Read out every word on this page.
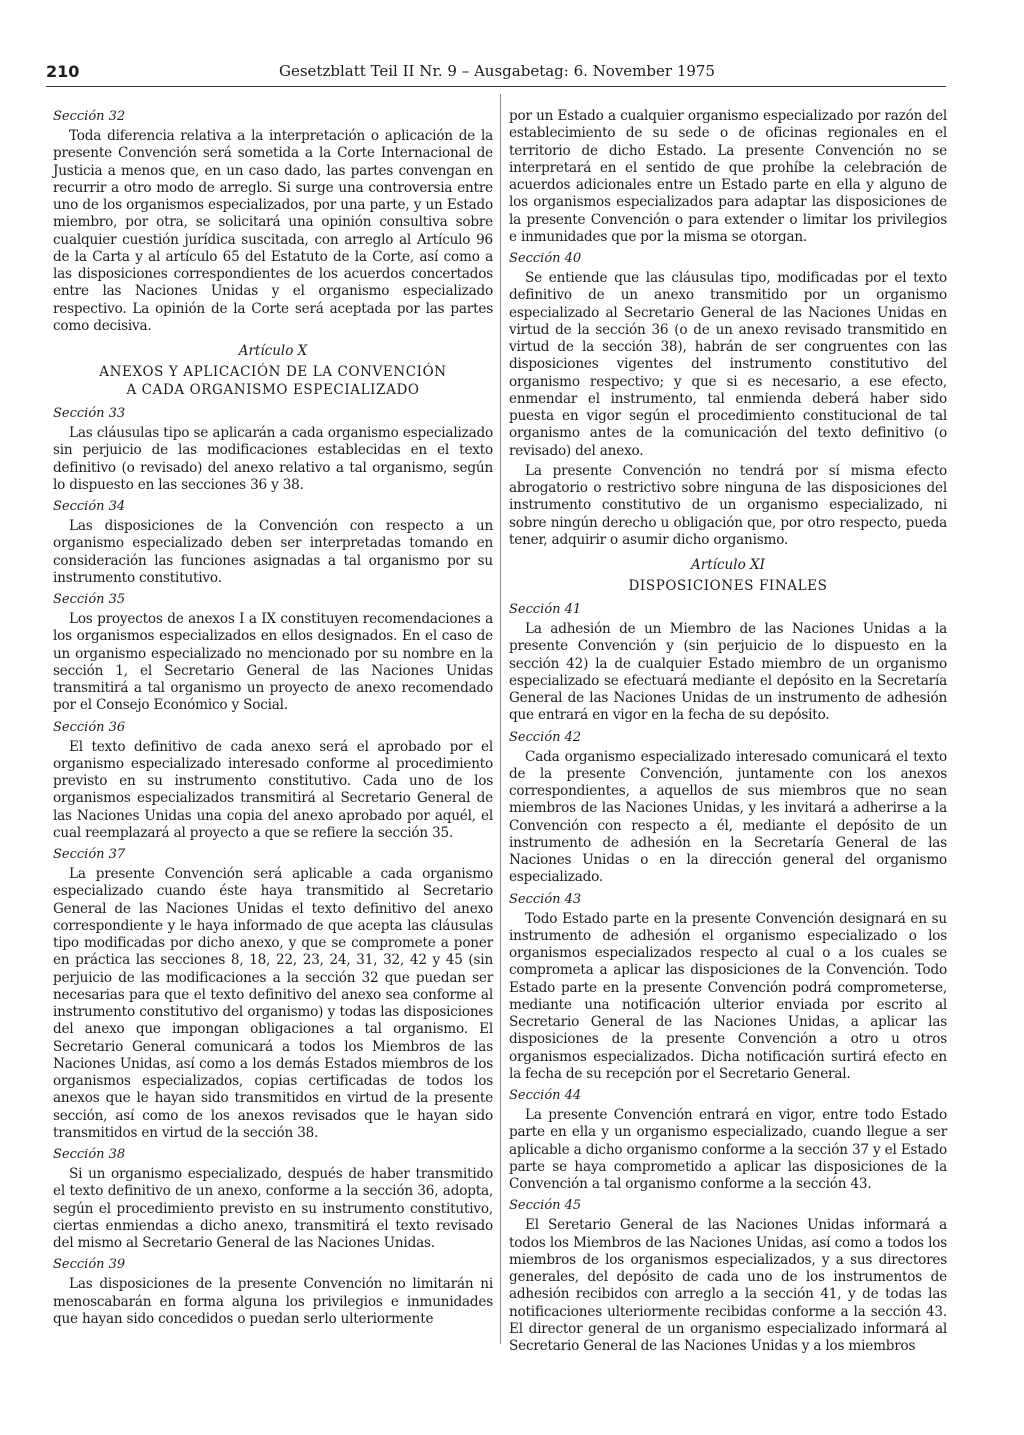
210	Gesetzblatt Teil II Nr. 9 – Ausgabetag: 6. November 1975
Sección 32

Toda diferencia relativa a la interpretación o aplicación de la presente Convención será sometida a la Corte Internacional de Justicia a menos que, en un caso dado, las partes convengan en recurrir a otro modo de arreglo. Si surge una controversia entre uno de los organismos especializados, por una parte, y un Estado miembro, por otra, se solicitará una opinión consultiva sobre cualquier cuestión jurídica suscitada, con arreglo al Artículo 96 de la Carta y al artículo 65 del Estatuto de la Corte, así como a las disposiciones correspondientes de los acuerdos concertados entre las Naciones Unidas y el organismo especializado respectivo. La opinión de la Corte será aceptada por las partes como decisiva.

Artículo X
ANEXOS Y APLICACIÓN DE LA CONVENCIÓN
A CADA ORGANISMO ESPECIALIZADO
Sección 33

Las cláusulas tipo se aplicarán a cada organismo especializado sin perjuicio de las modificaciones establecidas en el texto definitivo (o revisado) del anexo relativo a tal organismo, según lo dispuesto en las secciones 36 y 38.

Sección 34

Las disposiciones de la Convención con respecto a un organismo especializado deben ser interpretadas tomando en consideración las funciones asignadas a tal organismo por su instrumento constitutivo.

Sección 35

Los proyectos de anexos I a IX constituyen recomendaciones a los organismos especializados en ellos designados. En el caso de un organismo especializado no mencionado por su nombre en la sección 1, el Secretario General de las Naciones Unidas transmitirá a tal organismo un proyecto de anexo recomendado por el Consejo Económico y Social.

Sección 36

El texto definitivo de cada anexo será el aprobado por el organismo especializado interesado conforme al procedimiento previsto en su instrumento constitutivo. Cada uno de los organismos especializados transmitirá al Secretario General de las Naciones Unidas una copia del anexo aprobado por aquél, el cual reemplazará al proyecto a que se refiere la sección 35.

Sección 37

La presente Convención será aplicable a cada organismo especializado cuando éste haya transmitido al Secretario General de las Naciones Unidas el texto definitivo del anexo correspondiente y le haya informado de que acepta las cláusulas tipo modificadas por dicho anexo, y que se compromete a poner en práctica las secciones 8, 18, 22, 23, 24, 31, 32, 42 y 45 (sin perjuicio de las modificaciones a la sección 32 que puedan ser necesarias para que el texto definitivo del anexo sea conforme al instrumento constitutivo del organismo) y todas las disposiciones del anexo que impongan obligaciones a tal organismo. El Secretario General comunicará a todos los Miembros de las Naciones Unidas, así como a los demás Estados miembros de los organismos especializados, copias certificadas de todos los anexos que le hayan sido transmitidos en virtud de la presente sección, así como de los anexos revisados que le hayan sido transmitidos en virtud de la sección 38.

Sección 38

Si un organismo especializado, después de haber transmitido el texto definitivo de un anexo, conforme a la sección 36, adopta, según el procedimiento previsto en su instrumento constitutivo, ciertas enmiendas a dicho anexo, transmitirá el texto revisado del mismo al Secretario General de las Naciones Unidas.

Sección 39

Las disposiciones de la presente Convención no limitarán ni menoscabarán en forma alguna los privilegios e inmunidades que hayan sido concedidos o puedan serlo ulteriormente

por un Estado a cualquier organismo especializado por razón del establecimiento de su sede o de oficinas regionales en el territorio de dicho Estado. La presente Convención no se interpretará en el sentido de que prohíbe la celebración de acuerdos adicionales entre un Estado parte en ella y alguno de los organismos especializados para adaptar las disposiciones de la presente Convención o para extender o limitar los privilegios e inmunidades que por la misma se otorgan.

Sección 40

Se entiende que las cláusulas tipo, modificadas por el texto definitivo de un anexo transmitido por un organismo especializado al Secretario General de las Naciones Unidas en virtud de la sección 36 (o de un anexo revisado transmitido en virtud de la sección 38), habrán de ser congruentes con las disposiciones vigentes del instrumento constitutivo del organismo respectivo; y que si es necesario, a ese efecto, enmendar el instrumento, tal enmienda deberá haber sido puesta en vigor según el procedimiento constitucional de tal organismo antes de la comunicación del texto definitivo (o revisado) del anexo.

La presente Convención no tendrá por sí misma efecto abrogatorio o restrictivo sobre ninguna de las disposiciones del instrumento constitutivo de un organismo especializado, ni sobre ningún derecho u obligación que, por otro respecto, pueda tener, adquirir o asumir dicho organismo.

Artículo XI
DISPOSICIONES FINALES
Sección 41

La adhesión de un Miembro de las Naciones Unidas a la presente Convención y (sin perjuicio de lo dispuesto en la sección 42) la de cualquier Estado miembro de un organismo especializado se efectuará mediante el depósito en la Secretaría General de las Naciones Unidas de un instrumento de adhesión que entrará en vigor en la fecha de su depósito.

Sección 42

Cada organismo especializado interesado comunicará el texto de la presente Convención, juntamente con los anexos correspondientes, a aquellos de sus miembros que no sean miembros de las Naciones Unidas, y les invitará a adherirse a la Convención con respecto a él, mediante el depósito de un instrumento de adhesión en la Secretaría General de las Naciones Unidas o en la dirección general del organismo especializado.

Sección 43

Todo Estado parte en la presente Convención designará en su instrumento de adhesión el organismo especializado o los organismos especializados respecto al cual o a los cuales se comprometa a aplicar las disposiciones de la Convención. Todo Estado parte en la presente Convención podrá comprometerse, mediante una notificación ulterior enviada por escrito al Secretario General de las Naciones Unidas, a aplicar las disposiciones de la presente Convención a otro u otros organismos especializados. Dicha notificación surtirá efecto en la fecha de su recepción por el Secretario General.

Sección 44

La presente Convención entrará en vigor, entre todo Estado parte en ella y un organismo especializado, cuando llegue a ser aplicable a dicho organismo conforme a la sección 37 y el Estado parte se haya comprometido a aplicar las disposiciones de la Convención a tal organismo conforme a la sección 43.

Sección 45

El Seretario General de las Naciones Unidas informará a todos los Miembros de las Naciones Unidas, así como a todos los miembros de los organismos especializados, y a sus directores generales, del depósito de cada uno de los instrumentos de adhesión recibidos con arreglo a la sección 41, y de todas las notificaciones ulteriormente recibidas conforme a la sección 43. El director general de un organismo especializado informará al Secretario General de las Naciones Unidas y a los miembros
